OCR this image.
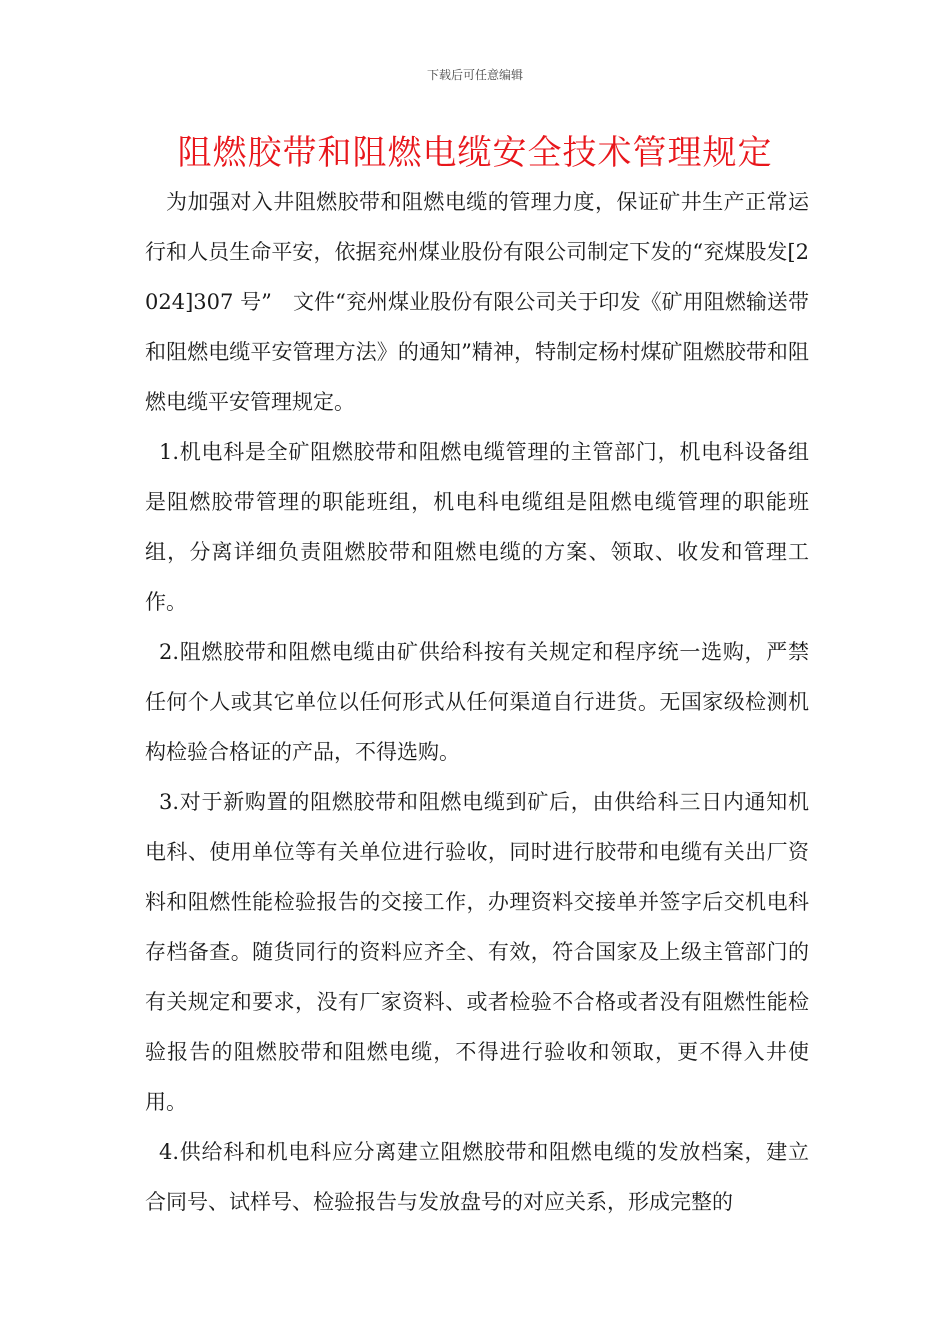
下载后可任意编辑
阻燃胶带和阻燃电缆安全技术管理规定

为加强对入井阻燃胶带和阻燃电缆的管理力度，保证矿井生产正常运行和人员生命平安，依据兖州煤业股份有限公司制定下发的“兖煤股发[2024]307 号”　文件“兖州煤业股份有限公司关于印发《矿用阻燃输送带和阻燃电缆平安管理方法》的通知”精神，特制定杨村煤矿阻燃胶带和阻燃电缆平安管理规定。

1.机电科是全矿阻燃胶带和阻燃电缆管理的主管部门，机电科设备组是阻燃胶带管理的职能班组，机电科电缆组是阻燃电缆管理的职能班组，分离详细负责阻燃胶带和阻燃电缆的方案、领取、收发和管理工作。

2.阻燃胶带和阻燃电缆由矿供给科按有关规定和程序统一选购，严禁任何个人或其它单位以任何形式从任何渠道自行进货。无国家级检测机构检验合格证的产品，不得选购。

3.对于新购置的阻燃胶带和阻燃电缆到矿后，由供给科三日内通知机电科、使用单位等有关单位进行验收，同时进行胶带和电缆有关出厂资料和阻燃性能检验报告的交接工作，办理资料交接单并签字后交机电科存档备查。随货同行的资料应齐全、有效，符合国家及上级主管部门的有关规定和要求，没有厂家资料、或者检验不合格或者没有阻燃性能检验报告的阻燃胶带和阻燃电缆，不得进行验收和领取，更不得入井使用。

4.供给科和机电科应分离建立阻燃胶带和阻燃电缆的发放档案，建立合同号、试样号、检验报告与发放盘号的对应关系，形成完整的
